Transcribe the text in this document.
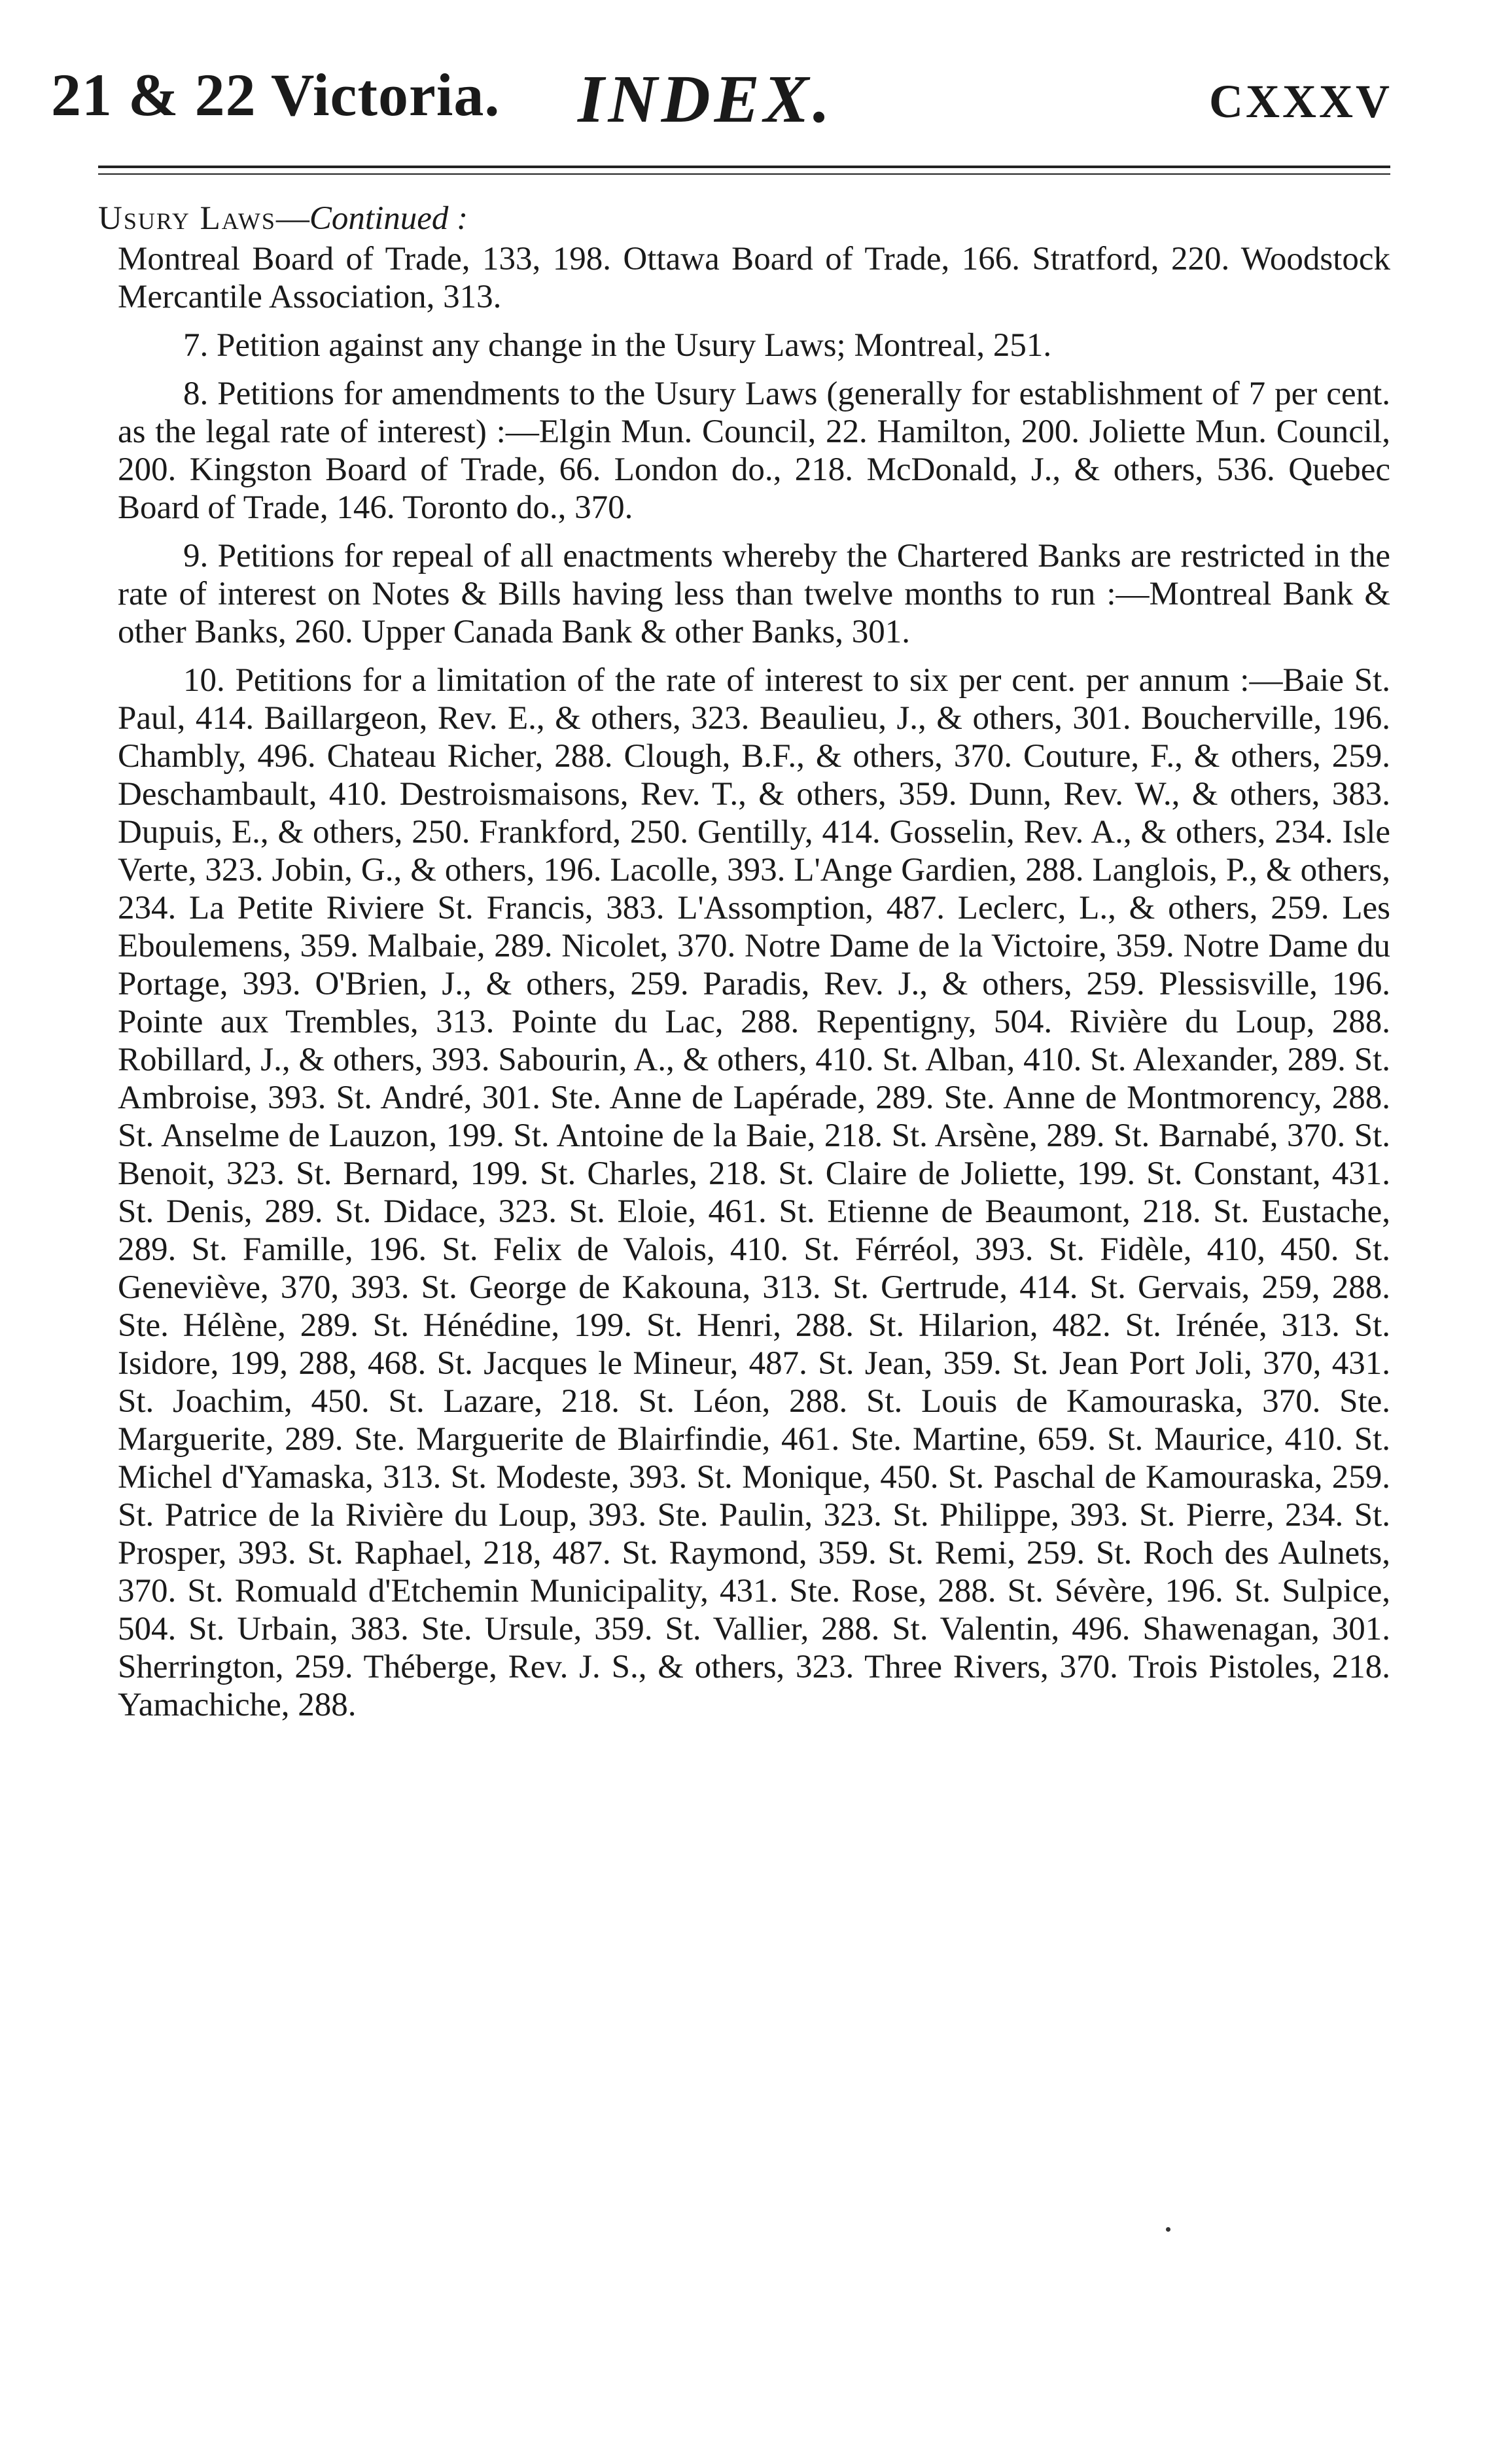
21 & 22 Victoria. INDEX.	CXXXV

Usury Laws—Continued :

Montreal Board of Trade, 133, 198. Ottawa Board of Trade, 166. Stratford, 220. Woodstock Mercantile Association, 313.

7. Petition against any change in the Usury Laws; Montreal, 251.

8. Petitions for amendments to the Usury Laws (generally for establishment of 7 per cent. as the legal rate of interest) :—Elgin Mun. Council, 22. Hamilton, 200. Joliette Mun. Council, 200. Kingston Board of Trade, 66. London do., 218. McDonald, J., & others, 536. Quebec Board of Trade, 146. Toronto do., 370.

9. Petitions for repeal of all enactments whereby the Chartered Banks are restricted in the rate of interest on Notes & Bills having less than twelve months to run :—Montreal Bank & other Banks, 260. Upper Canada Bank & other Banks, 301.

10. Petitions for a limitation of the rate of interest to six per cent. per annum :—Baie St. Paul, 414. Baillargeon, Rev. E., & others, 323. Beaulieu, J., & others, 301. Boucherville, 196. Chambly, 496. Chateau Richer, 288. Clough, B.F., & others, 370. Couture, F., & others, 259. Deschambault, 410. Destroismaisons, Rev. T., & others, 359. Dunn, Rev. W., & others, 383. Dupuis, E., & others, 250. Frankford, 250. Gentilly, 414. Gosselin, Rev. A., & others, 234. Isle Verte, 323. Jobin, G., & others, 196. Lacolle, 393. L'Ange Gardien, 288. Langlois, P., & others, 234. La Petite Riviere St. Francis, 383. L'Assomption, 487. Leclerc, L., & others, 259. Les Eboulemens, 359. Malbaie, 289. Nicolet, 370. Notre Dame de la Victoire, 359. Notre Dame du Portage, 393. O'Brien, J., & others, 259. Paradis, Rev. J., & others, 259. Plessisville, 196. Pointe aux Trembles, 313. Pointe du Lac, 288. Repentigny, 504. Rivière du Loup, 288. Robillard, J., & others, 393. Sabourin, A., & others, 410. St. Alban, 410. St. Alexander, 289. St. Ambroise, 393. St. André, 301. Ste. Anne de Lapérade, 289. Ste. Anne de Montmorency, 288. St. Anselme de Lauzon, 199. St. Antoine de la Baie, 218. St. Arsène, 289. St. Barnabé, 370. St. Benoit, 323. St. Bernard, 199. St. Charles, 218. St. Claire de Joliette, 199. St. Constant, 431. St. Denis, 289. St. Didace, 323. St. Eloie, 461. St. Etienne de Beaumont, 218. St. Eustache, 289. St. Famille, 196. St. Felix de Valois, 410. St. Férréol, 393. St. Fidèle, 410, 450. St. Geneviève, 370, 393. St. George de Kakouna, 313. St. Gertrude, 414. St. Gervais, 259, 288. Ste. Hélène, 289. St. Hénédine, 199. St. Henri, 288. St. Hilarion, 482. St. Irénée, 313. St. Isidore, 199, 288, 468. St. Jacques le Mineur, 487. St. Jean, 359. St. Jean Port Joli, 370, 431. St. Joachim, 450. St. Lazare, 218. St. Léon, 288. St. Louis de Kamouraska, 370. Ste. Marguerite, 289. Ste. Marguerite de Blairfindie, 461. Ste. Martine, 659. St. Maurice, 410. St. Michel d'Yamaska, 313. St. Modeste, 393. St. Monique, 450. St. Paschal de Kamouraska, 259. St. Patrice de la Rivière du Loup, 393. Ste. Paulin, 323. St. Philippe, 393. St. Pierre, 234. St. Prosper, 393. St. Raphael, 218, 487. St. Raymond, 359. St. Remi, 259. St. Roch des Aulnets, 370. St. Romuald d'Etchemin Municipality, 431. Ste. Rose, 288. St. Sévère, 196. St. Sulpice, 504. St. Urbain, 383. Ste. Ursule, 359. St. Vallier, 288. St. Valentin, 496. Shawenagan, 301. Sherrington, 259. Théberge, Rev. J. S., & others, 323. Three Rivers, 370. Trois Pistoles, 218. Yamachiche, 288.
